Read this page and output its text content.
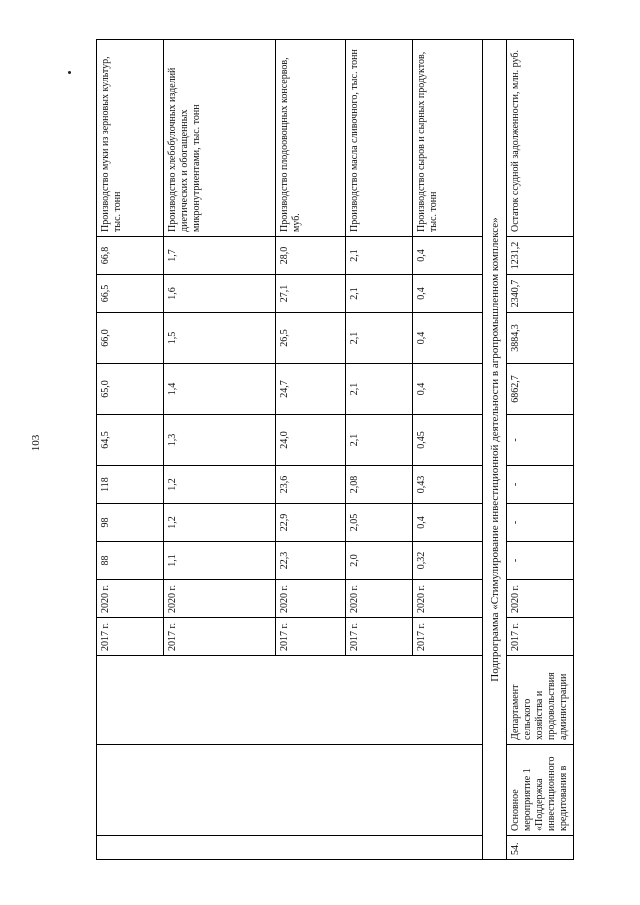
103
			2017 г.	2020 г.	88	98	118	64,5	65,0	66,0	66,5	66,8	Производство муки из зерновых культур, тыс. тонн
			2017 г.	2020 г.	1,1	1,2	1,2	1,3	1,4	1,5	1,6	1,7	Производство хлебобулочных изделий диетических и обогащенных микронутриентами, тыс. тонн
			2017 г.	2020 г.	22,3	22,9	23,6	24,0	24,7	26,5	27,1	28,0	Производство плодоовощных консервов, муб.
			2017 г.	2020 г.	2,0	2,05	2,08	2,1	2,1	2,1	2,1	2,1	Производство масла сливочного, тыс. тонн
			2017 г.	2020 г.	0,32	0,4	0,43	0,45	0,4	0,4	0,4	0,4	Производство сыров и сырных продуктов, тыс. тонн
Подпрограмма «Стимулирование инвестиционной деятельности в агропромышленном комплексе»													
54.	Основное мероприятие 1 «Поддержка инвестиционного кредитования в	Департамент сельского хозяйства и продовольствия администрации	2017 г.	2020 г.	-	-	-	-	6862,7	3884,3	2340,7	1231,2	Остаток ссудной задолженности, млн. руб.
